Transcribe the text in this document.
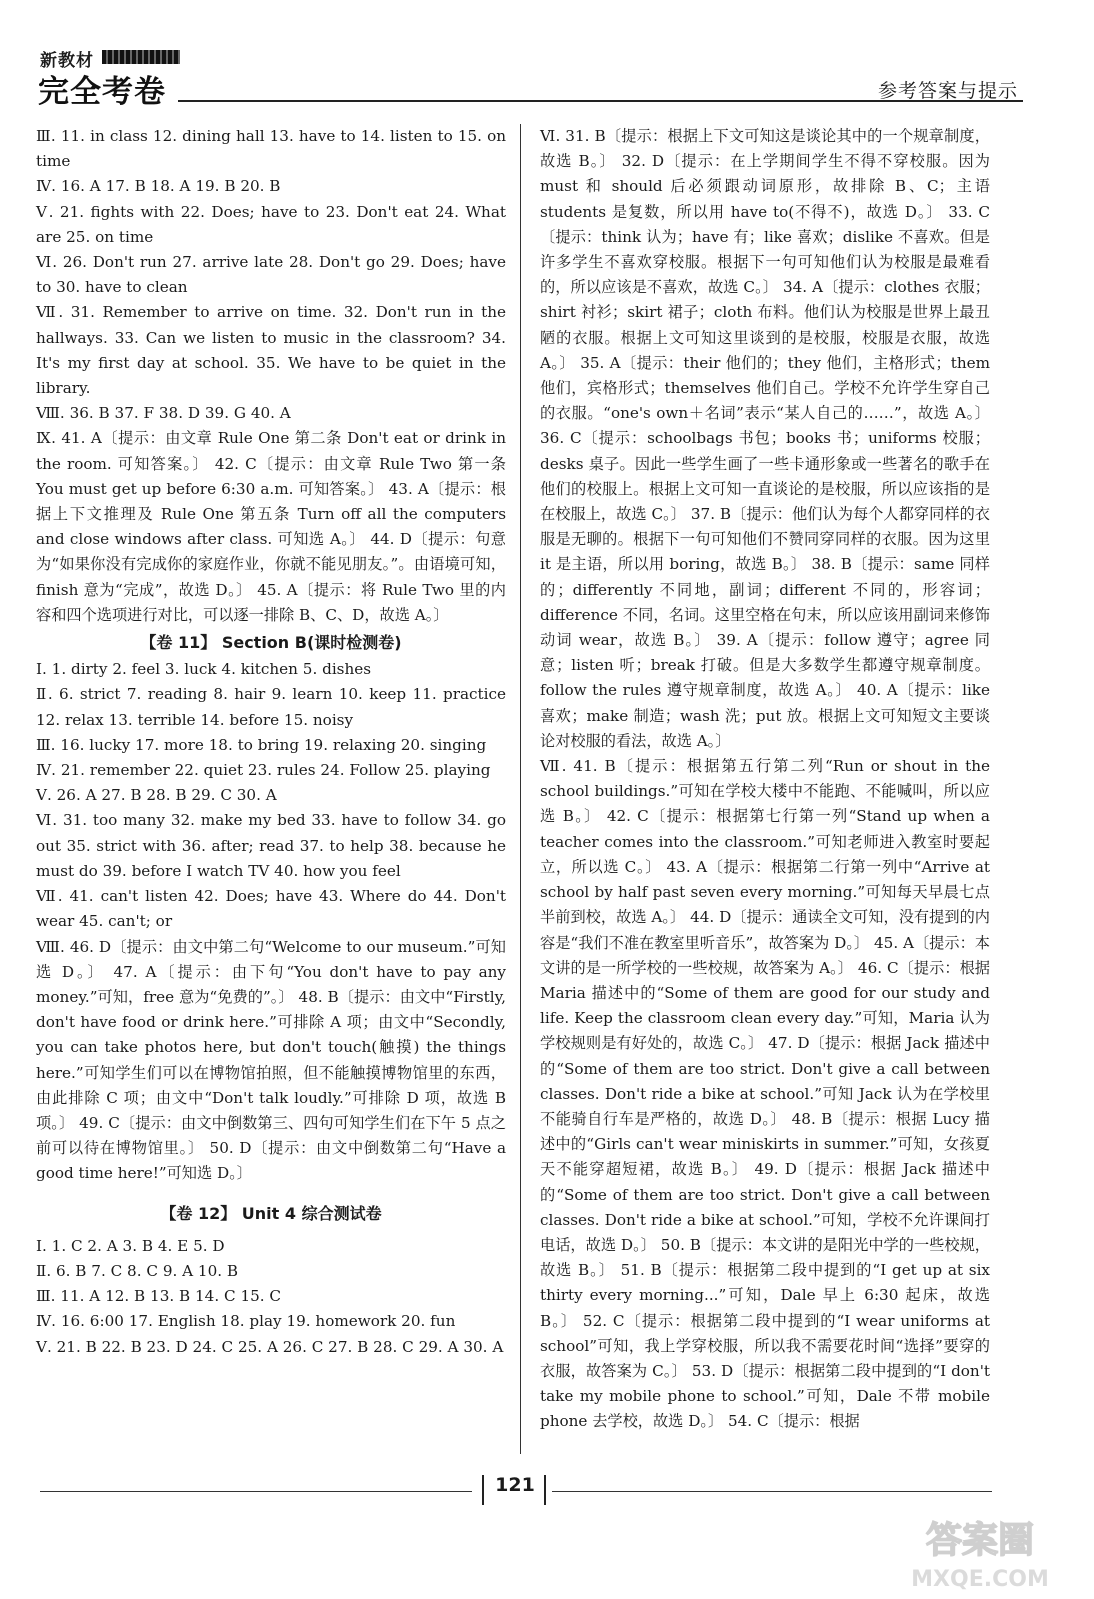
新教材
完全考卷	参考答案与提示

Ⅲ. 11. in class 12. dining hall 13. have to 14. listen to 15. on time

Ⅳ. 16. A 17. B 18. A 19. B 20. B

Ⅴ. 21. fights with 22. Does; have to 23. Don't eat 24. What are 25. on time

Ⅵ. 26. Don't run 27. arrive late 28. Don't go 29. Does; have to 30. have to clean

Ⅶ. 31. Remember to arrive on time. 32. Don't run in the hallways. 33. Can we listen to music in the classroom? 34. It's my first day at school. 35. We have to be quiet in the library.

Ⅷ. 36. B 37. F 38. D 39. G 40. A

Ⅸ. 41. A〔提示：由文章 Rule One 第二条 Don't eat or drink in the room. 可知答案。〕 42. C〔提示：由文章 Rule Two 第一条 You must get up before 6:30 a.m. 可知答案。〕 43. A〔提示：根据上下文推理及 Rule One 第五条 Turn off all the computers and close windows after class. 可知选 A。〕 44. D〔提示：句意为“如果你没有完成你的家庭作业，你就不能见朋友。”。由语境可知，finish 意为“完成”，故选 D。〕 45. A〔提示：将 Rule Two 里的内容和四个选项进行对比，可以逐一排除 B、C、D，故选 A。〕

【卷 11】 Section B(课时检测卷)

Ⅰ. 1. dirty 2. feel 3. luck 4. kitchen 5. dishes

Ⅱ. 6. strict 7. reading 8. hair 9. learn 10. keep 11. practice 12. relax 13. terrible 14. before 15. noisy

Ⅲ. 16. lucky 17. more 18. to bring 19. relaxing 20. singing

Ⅳ. 21. remember 22. quiet 23. rules 24. Follow 25. playing

Ⅴ. 26. A 27. B 28. B 29. C 30. A

Ⅵ. 31. too many 32. make my bed 33. have to follow 34. go out 35. strict with 36. after; read 37. to help 38. because he must do 39. before I watch TV 40. how you feel

Ⅶ. 41. can't listen 42. Does; have 43. Where do 44. Don't wear 45. can't; or

Ⅷ. 46. D〔提示：由文中第二句“Welcome to our museum.”可知选 D。〕 47. A〔提示：由下句“You don't have to pay any money.”可知，free 意为“免费的”。〕 48. B〔提示：由文中“Firstly, don't have food or drink here.”可排除 A 项；由文中“Secondly, you can take photos here, but don't touch(触摸) the things here.”可知学生们可以在博物馆拍照，但不能触摸博物馆里的东西，由此排除 C 项；由文中“Don't talk loudly.”可排除 D 项，故选 B 项。〕 49. C〔提示：由文中倒数第三、四句可知学生们在下午 5 点之前可以待在博物馆里。〕 50. D〔提示：由文中倒数第二句“Have a good time here!”可知选 D。〕

【卷 12】 Unit 4 综合测试卷

Ⅰ. 1. C 2. A 3. B 4. E 5. D

Ⅱ. 6. B 7. C 8. C 9. A 10. B

Ⅲ. 11. A 12. B 13. B 14. C 15. C

Ⅳ. 16. 6:00 17. English 18. play 19. homework 20. fun

Ⅴ. 21. B 22. B 23. D 24. C 25. A 26. C 27. B 28. C 29. A 30. A

Ⅵ. 31. B〔提示：根据上下文可知这是谈论其中的一个规章制度，故选 B。〕 32. D〔提示：在上学期间学生不得不穿校服。因为 must 和 should 后必须跟动词原形，故排除 B、C；主语 students 是复数，所以用 have to(不得不)，故选 D。〕 33. C〔提示：think 认为；have 有；like 喜欢；dislike 不喜欢。但是许多学生不喜欢穿校服。根据下一句可知他们认为校服是最难看的，所以应该是不喜欢，故选 C。〕 34. A〔提示：clothes 衣服；shirt 衬衫；skirt 裙子；cloth 布料。他们认为校服是世界上最丑陋的衣服。根据上文可知这里谈到的是校服，校服是衣服，故选 A。〕 35. A〔提示：their 他们的；they 他们，主格形式；them 他们，宾格形式；themselves 他们自己。学校不允许学生穿自己的衣服。“one's own＋名词”表示“某人自己的……”，故选 A。〕 36. C〔提示：schoolbags 书包；books 书；uniforms 校服；desks 桌子。因此一些学生画了一些卡通形象或一些著名的歌手在他们的校服上。根据上文可知一直谈论的是校服，所以应该指的是在校服上，故选 C。〕 37. B〔提示：他们认为每个人都穿同样的衣服是无聊的。根据下一句可知他们不赞同穿同样的衣服。因为这里 it 是主语，所以用 boring，故选 B。〕 38. B〔提示：same 同样的；differently 不同地，副词；different 不同的，形容词；difference 不同，名词。这里空格在句末，所以应该用副词来修饰动词 wear，故选 B。〕 39. A〔提示：follow 遵守；agree 同意；listen 听；break 打破。但是大多数学生都遵守规章制度。follow the rules 遵守规章制度，故选 A。〕 40. A〔提示：like 喜欢；make 制造；wash 洗；put 放。根据上文可知短文主要谈论对校服的看法，故选 A。〕

Ⅶ. 41. B〔提示：根据第五行第二列“Run or shout in the school buildings.”可知在学校大楼中不能跑、不能喊叫，所以应选 B。〕 42. C〔提示：根据第七行第一列“Stand up when a teacher comes into the classroom.”可知老师进入教室时要起立，所以选 C。〕 43. A〔提示：根据第二行第一列中“Arrive at school by half past seven every morning.”可知每天早晨七点半前到校，故选 A。〕 44. D〔提示：通读全文可知，没有提到的内容是“我们不准在教室里听音乐”，故答案为 D。〕 45. A〔提示：本文讲的是一所学校的一些校规，故答案为 A。〕 46. C〔提示：根据 Maria 描述中的“Some of them are good for our study and life. Keep the classroom clean every day.”可知，Maria 认为学校规则是有好处的，故选 C。〕 47. D〔提示：根据 Jack 描述中的“Some of them are too strict. Don't give a call between classes. Don't ride a bike at school.”可知 Jack 认为在学校里不能骑自行车是严格的，故选 D。〕 48. B〔提示：根据 Lucy 描述中的“Girls can't wear miniskirts in summer.”可知，女孩夏天不能穿超短裙，故选 B。〕 49. D〔提示：根据 Jack 描述中的“Some of them are too strict. Don't give a call between classes. Don't ride a bike at school.”可知，学校不允许课间打电话，故选 D。〕 50. B〔提示：本文讲的是阳光中学的一些校规，故选 B。〕 51. B〔提示：根据第二段中提到的“I get up at six thirty every morning...”可知，Dale 早上 6:30 起床，故选 B。〕 52. C〔提示：根据第二段中提到的“I wear uniforms at school”可知，我上学穿校服，所以我不需要花时间“选择”要穿的衣服，故答案为 C。〕 53. D〔提示：根据第二段中提到的“I don't take my mobile phone to school.”可知，Dale 不带 mobile phone 去学校，故选 D。〕 54. C〔提示：根据

121
答案圈
MXQE.COM
